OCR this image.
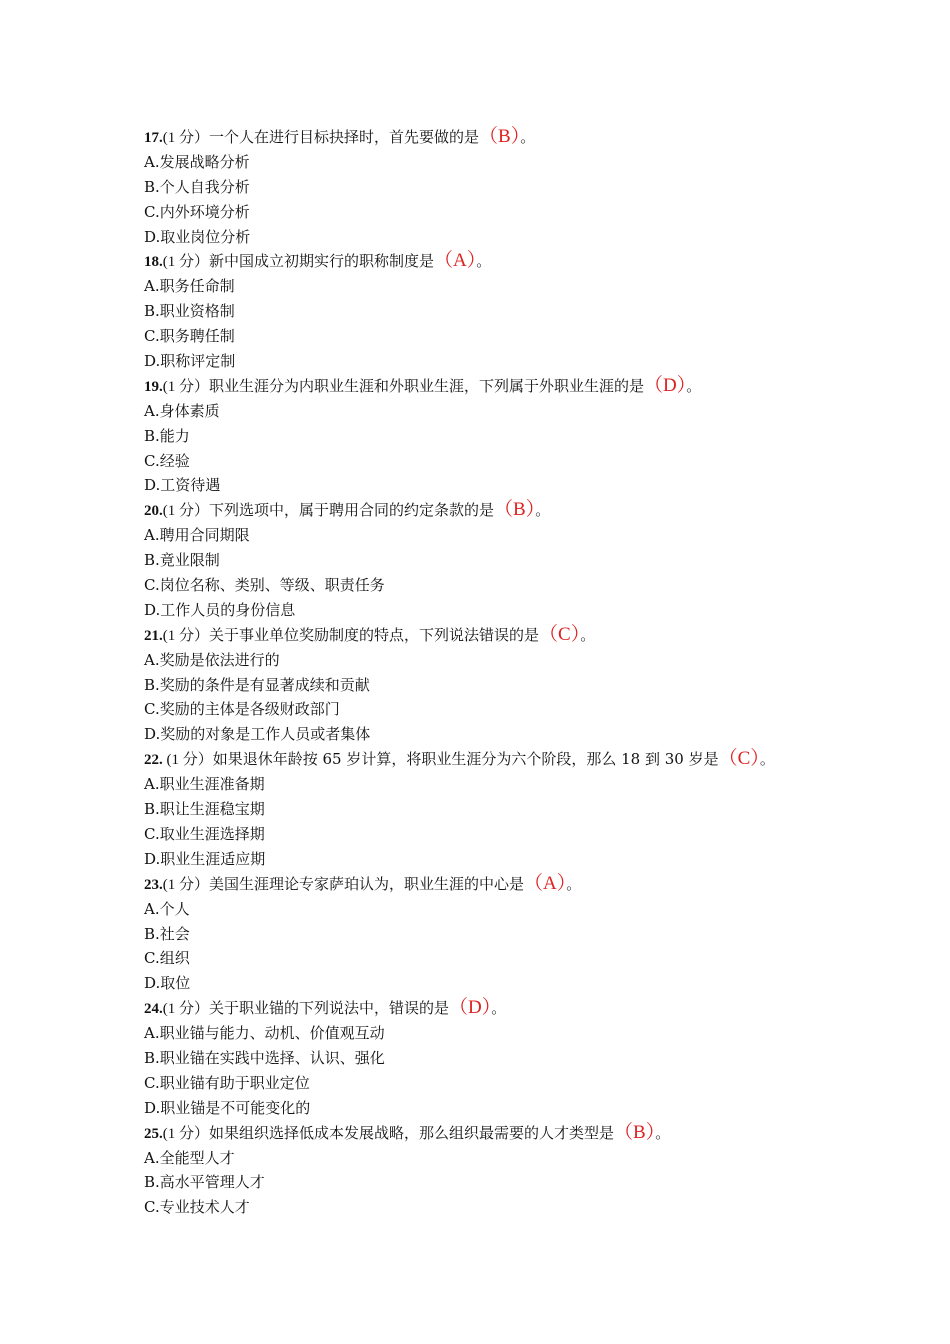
17.(1 分）一个人在进行目标抉择时，首先要做的是（B）。
A.发展战略分析
B.个人自我分析
C.内外环境分析
D.取业岗位分析
18.(1 分）新中国成立初期实行的职称制度是（A）。
A.职务任命制
B.职业资格制
C.职务聘任制
D.职称评定制
19.(1 分）职业生涯分为内职业生涯和外职业生涯，下列属于外职业生涯的是（D）。
A.身体素质
B.能力
C.经验
D.工资待遇
20.(1 分）下列选项中，属于聘用合同的约定条款的是（B）。
A.聘用合同期限
B.竟业限制
C.岗位名称、类别、等级、职责任务
D.工作人员的身份信息
21.(1 分）关于事业单位奖励制度的特点，下列说法错误的是（C）。
A.奖励是依法进行的
B.奖励的条件是有显著成续和贡献
C.奖励的主体是各级财政部门
D.奖励的对象是工作人员或者集体
22. (1 分）如果退休年龄按 65 岁计算，将职业生涯分为六个阶段，那么 18 到 30 岁是（C）。
A.职业生涯准备期
B.职让生涯稳宝期
C.取业生涯选择期
D.职业生涯适应期
23.(1 分）美国生涯理论专家萨珀认为，职业生涯的中心是（A）。
A.个人
B.社会
C.组织
D.取位
24.(1 分）关于职业锚的下列说法中，错误的是（D）。
A.职业锚与能力、动机、价值观互动
B.职业锚在实践中选择、认识、强化
C.职业锚有助于职业定位
D.职业锚是不可能变化的
25.(1 分）如果组织选择低成本发展战略，那么组织最需要的人才类型是（B）。
A.全能型人才
B.高水平管理人才
C.专业技术人才
